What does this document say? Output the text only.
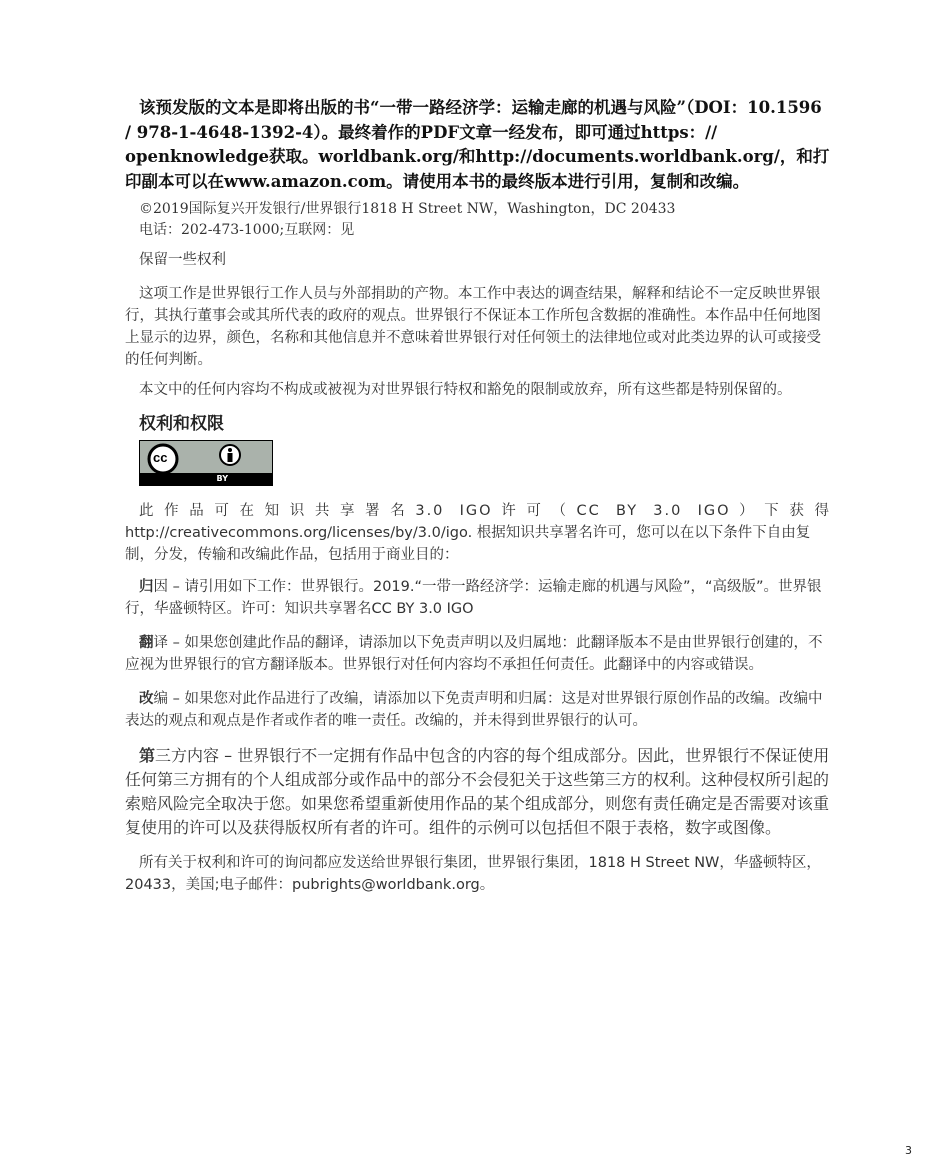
该预发版的文本是即将出版的书“一带一路经济学：运输走廊的机遇与风险”（DOI：10.1596 / 978-1-4648-1392-4）。最终着作的PDF文章一经发布，即可通过https：// openknowledge获取。worldbank.org/和http://documents.worldbank.org/，和打印副本可以在www.amazon.com。请使用本书的最终版本进行引用，复制和改编。

©2019国际复兴开发银行/世界银行1818 H Street NW，Washington，DC 20433

电话：202-473-1000;互联网：见

保留一些权利

这项工作是世界银行工作人员与外部捐助的产物。本工作中表达的调查结果，解释和结论不一定反映世界银行，其执行董事会或其所代表的政府的观点。世界银行不保证本工作所包含数据的准确性。本作品中任何地图上显示的边界，颜色，名称和其他信息并不意味着世界银行对任何领土的法律地位或对此类边界的认可或接受的任何判断。

本文中的任何内容均不构成或被视为对世界银行特权和豁免的限制或放弃，所有这些都是特别保留的。

权利和权限

cc
BY

此作品可在知识共享署名3.0 IGO许可（CC BY 3.0 IGO）下获得

http://creativecommons.org/licenses/by/3.0/igo. 根据知识共享署名许可，您可以在以下条件下自由复制，分发，传输和改编此作品，包括用于商业目的：

归因 – 请引用如下工作：世界银行。2019.“一带一路经济学：运输走廊的机遇与风险”，“高级版”。世界银行，华盛顿特区。许可：知识共享署名CC BY 3.0 IGO

翻译 – 如果您创建此作品的翻译，请添加以下免责声明以及归属地：此翻译版本不是由世界银行创建的，不应视为世界银行的官方翻译版本。世界银行对任何内容均不承担任何责任。此翻译中的内容或错误。

改编 – 如果您对此作品进行了改编，请添加以下免责声明和归属：这是对世界银行原创作品的改编。改编中表达的观点和观点是作者或作者的唯一责任。改编的，并未得到世界银行的认可。

第三方内容 – 世界银行不一定拥有作品中包含的内容的每个组成部分。因此，世界银行不保证使用任何第三方拥有的个人组成部分或作品中的部分不会侵犯关于这些第三方的权利。这种侵权所引起的索赔风险完全取决于您。如果您希望重新使用作品的某个组成部分，则您有责任确定是否需要对该重复使用的许可以及获得版权所有者的许可。组件的示例可以包括但不限于表格，数字或图像。

所有关于权利和许可的询问都应发送给世界银行集团，世界银行集团，1818 H Street NW，华盛顿特区，20433，美国;电子邮件：pubrights@worldbank.org。

3
